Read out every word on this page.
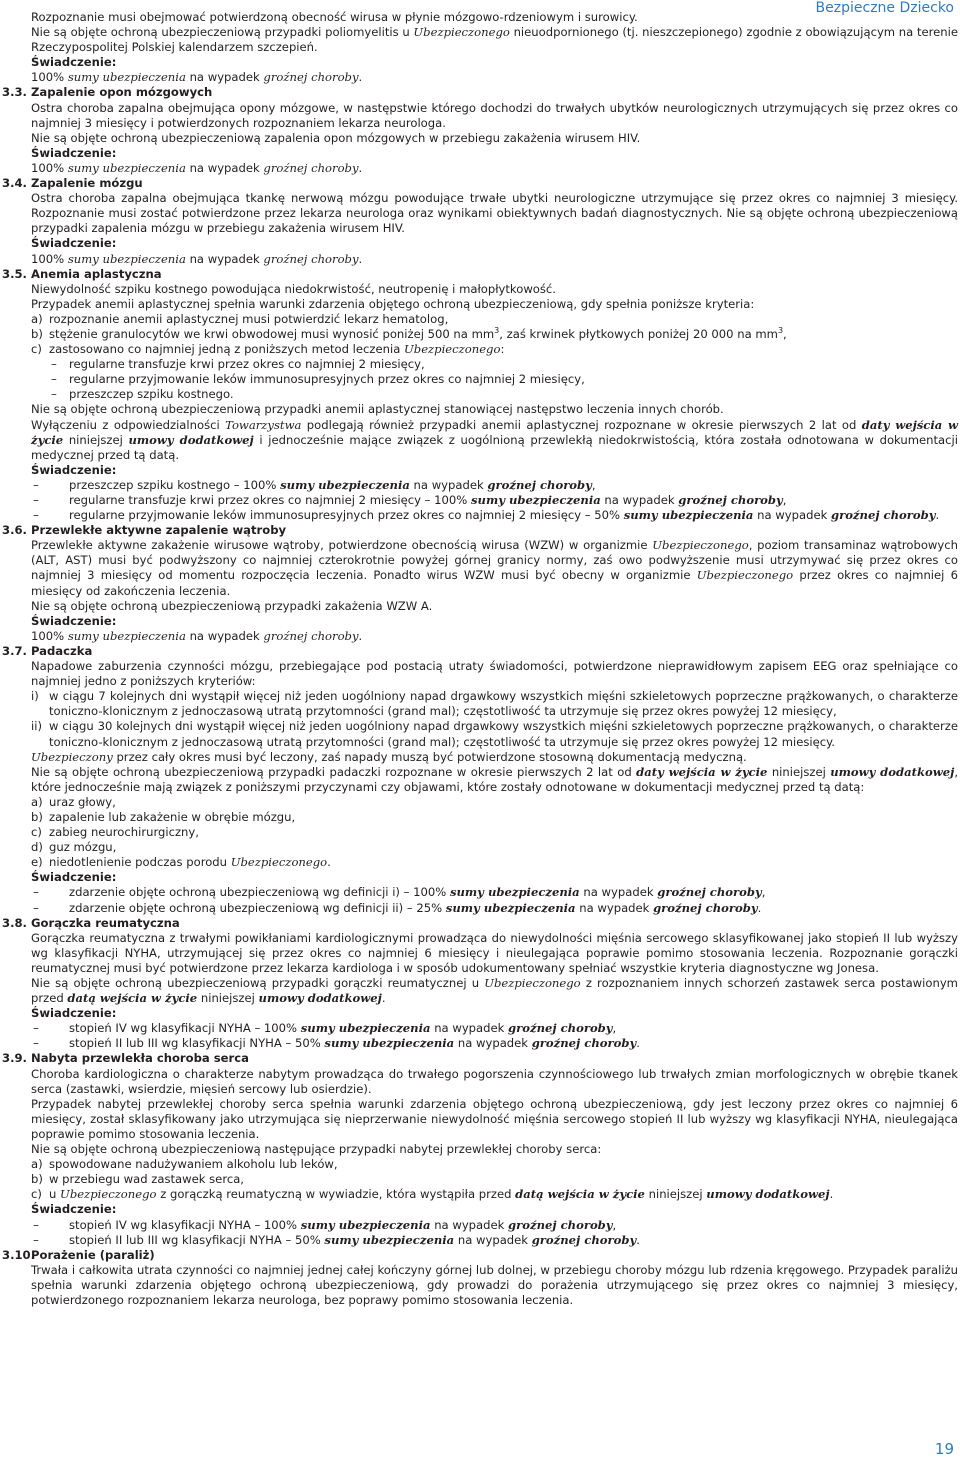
Bezpieczne Dziecko

Rozpoznanie musi obejmować potwierdzoną obecność wirusa w płynie mózgowo-rdzeniowym i surowicy.

Nie są objęte ochroną ubezpieczeniową przypadki poliomyelitis u Ubezpieczonego nieuodpornionego (tj. nieszczepionego) zgodnie z obowiązującym na terenie Rzeczypospolitej Polskiej kalendarzem szczepień.

Świadczenie:

100% sumy ubezpieczenia na wypadek groźnej choroby.

3.3. Zapalenie opon mózgowych

Ostra choroba zapalna obejmująca opony mózgowe, w następstwie którego dochodzi do trwałych ubytków neurologicznych utrzymujących się przez okres co najmniej 3 miesięcy i potwierdzonych rozpoznaniem lekarza neurologa.

Nie są objęte ochroną ubezpieczeniową zapalenia opon mózgowych w przebiegu zakażenia wirusem HIV.

Świadczenie:

100% sumy ubezpieczenia na wypadek groźnej choroby.

3.4. Zapalenie mózgu

Ostra choroba zapalna obejmująca tkankę nerwową mózgu powodujące trwałe ubytki neurologiczne utrzymujące się przez okres co najmniej 3 miesięcy. Rozpoznanie musi zostać potwierdzone przez lekarza neurologa oraz wynikami obiektywnych badań diagnostycznych. Nie są objęte ochroną ubezpieczeniową przypadki zapalenia mózgu w przebiegu zakażenia wirusem HIV.

Świadczenie:

100% sumy ubezpieczenia na wypadek groźnej choroby.

3.5. Anemia aplastyczna

Niewydolność szpiku kostnego powodująca niedokrwistość, neutropenię i małopłytkowość.

Przypadek anemii aplastycznej spełnia warunki zdarzenia objętego ochroną ubezpieczeniową, gdy spełnia poniższe kryteria:

a) rozpoznanie anemii aplastycznej musi potwierdzić lekarz hematolog,
b) stężenie granulocytów we krwi obwodowej musi wynosić poniżej 500 na $mm^3$, zaś krwinek płytkowych poniżej 20 000 na $mm^3$,
c) zastosowano co najmniej jedną z poniższych metod leczenia Ubezpieczonego:
– regularne transfuzje krwi przez okres co najmniej 2 miesięcy,
– regularne przyjmowanie leków immunosupresyjnych przez okres co najmniej 2 miesięcy,
– przeszczep szpiku kostnego.

Nie są objęte ochroną ubezpieczeniową przypadki anemii aplastycznej stanowiącej następstwo leczenia innych chorób.

Wyłączeniu z odpowiedzialności Towarzystwa podlegają również przypadki anemii aplastycznej rozpoznane w okresie pierwszych 2 lat od daty wejścia w życie niniejszej umowy dodatkowej i jednocześnie mające związek z uogólnioną przewlekłą niedokrwistością, która została odnotowana w dokumentacji medycznej przed tą datą.

Świadczenie:

–	przeszczep szpiku kostnego – 100% sumy ubezpieczenia na wypadek groźnej choroby,
–	regularne transfuzje krwi przez okres co najmniej 2 miesięcy – 100% sumy ubezpieczenia na wypadek groźnej choroby,
–	regularne przyjmowanie leków immunosupresyjnych przez okres co najmniej 2 miesięcy – 50% sumy ubezpieczenia na wypadek groźnej choroby.
3.6. Przewlekłe aktywne zapalenie wątroby

Przewlekłe aktywne zakażenie wirusowe wątroby, potwierdzone obecnością wirusa (WZW) w organizmie Ubezpieczonego, poziom transaminaz wątrobowych (ALT, AST) musi być podwyższony co najmniej czterokrotnie powyżej górnej granicy normy, zaś owo podwyższenie musi utrzymywać się przez okres co najmniej 3 miesięcy od momentu rozpoczęcia leczenia. Ponadto wirus WZW musi być obecny w organizmie Ubezpieczonego przez okres co najmniej 6 miesięcy od zakończenia leczenia.

Nie są objęte ochroną ubezpieczeniową przypadki zakażenia WZW A.

Świadczenie:

100% sumy ubezpieczenia na wypadek groźnej choroby.

3.7. Padaczka

Napadowe zaburzenia czynności mózgu, przebiegające pod postacią utraty świadomości, potwierdzone nieprawidłowym zapisem EEG oraz spełniające co najmniej jedno z poniższych kryteriów:

i) w ciągu 7 kolejnych dni wystąpił więcej niż jeden uogólniony napad drgawkowy wszystkich mięśni szkieletowych poprzeczne prążkowanych, o charakterze toniczno-klonicznym z jednoczasową utratą przytomności (grand mal); częstotliwość ta utrzymuje się przez okres powyżej 12 miesięcy,
ii) w ciągu 30 kolejnych dni wystąpił więcej niż jeden uogólniony napad drgawkowy wszystkich mięśni szkieletowych poprzeczne prążkowanych, o charakterze toniczno-klonicznym z jednoczasową utratą przytomności (grand mal); częstotliwość ta utrzymuje się przez okres powyżej 12 miesięcy.

Ubezpieczony przez cały okres musi być leczony, zaś napady muszą być potwierdzone stosowną dokumentacją medyczną.

Nie są objęte ochroną ubezpieczeniową przypadki padaczki rozpoznane w okresie pierwszych 2 lat od daty wejścia w życie niniejszej umowy dodatkowej, które jednocześnie mają związek z poniższymi przyczynami czy objawami, które zostały odnotowane w dokumentacji medycznej przed tą datą:

a) uraz głowy,
b) zapalenie lub zakażenie w obrębie mózgu,
c) zabieg neurochirurgiczny,
d) guz mózgu,
e) niedotlenienie podczas porodu Ubezpieczonego.

Świadczenie:

–	zdarzenie objęte ochroną ubezpieczeniową wg definicji i) – 100% sumy ubezpieczenia na wypadek groźnej choroby,
–	zdarzenie objęte ochroną ubezpieczeniową wg definicji ii) – 25% sumy ubezpieczenia na wypadek groźnej choroby.
3.8. Gorączka reumatyczna

Gorączka reumatyczna z trwałymi powikłaniami kardiologicznymi prowadząca do niewydolności mięśnia sercowego sklasyfikowanej jako stopień II lub wyższy wg klasyfikacji NYHA, utrzymującej się przez okres co najmniej 6 miesięcy i nieulegająca poprawie pomimo stosowania leczenia. Rozpoznanie gorączki reumatycznej musi być potwierdzone przez lekarza kardiologa i w sposób udokumentowany spełniać wszystkie kryteria diagnostyczne wg Jonesa.

Nie są objęte ochroną ubezpieczeniową przypadki gorączki reumatycznej u Ubezpieczonego z rozpoznaniem innych schorzeń zastawek serca postawionym przed datą wejścia w życie niniejszej umowy dodatkowej.

Świadczenie:

–	stopień IV wg klasyfikacji NYHA – 100% sumy ubezpieczenia na wypadek groźnej choroby,
–	stopień II lub III wg klasyfikacji NYHA – 50% sumy ubezpieczenia na wypadek groźnej choroby.
3.9. Nabyta przewlekła choroba serca

Choroba kardiologiczna o charakterze nabytym prowadząca do trwałego pogorszenia czynnościowego lub trwałych zmian morfologicznych w obrębie tkanek serca (zastawki, wsierdzie, mięsień sercowy lub osierdzie).

Przypadek nabytej przewlekłej choroby serca spełnia warunki zdarzenia objętego ochroną ubezpieczeniową, gdy jest leczony przez okres co najmniej 6 miesięcy, został sklasyfikowany jako utrzymująca się nieprzerwanie niewydolność mięśnia sercowego stopień II lub wyższy wg klasyfikacji NYHA, nieulegająca poprawie pomimo stosowania leczenia.

Nie są objęte ochroną ubezpieczeniową następujące przypadki nabytej przewlekłej choroby serca:

a) spowodowane nadużywaniem alkoholu lub leków,
b) w przebiegu wad zastawek serca,
c) u Ubezpieczonego z gorączką reumatyczną w wywiadzie, która wystąpiła przed datą wejścia w życie niniejszej umowy dodatkowej.

Świadczenie:

–	stopień IV wg klasyfikacji NYHA – 100% sumy ubezpieczenia na wypadek groźnej choroby,
–	stopień II lub III wg klasyfikacji NYHA – 50% sumy ubezpieczenia na wypadek groźnej choroby.
3.10.

Porażenie (paraliż)

Trwała i całkowita utrata czynności co najmniej jednej całej kończyny górnej lub dolnej, w przebiegu choroby mózgu lub rdzenia kręgowego. Przypadek paraliżu spełnia warunki zdarzenia objętego ochroną ubezpieczeniową, gdy prowadzi do porażenia utrzymującego się przez okres co najmniej 3 miesięcy, potwierdzonego rozpoznaniem lekarza neurologa, bez poprawy pomimo stosowania leczenia.

19
